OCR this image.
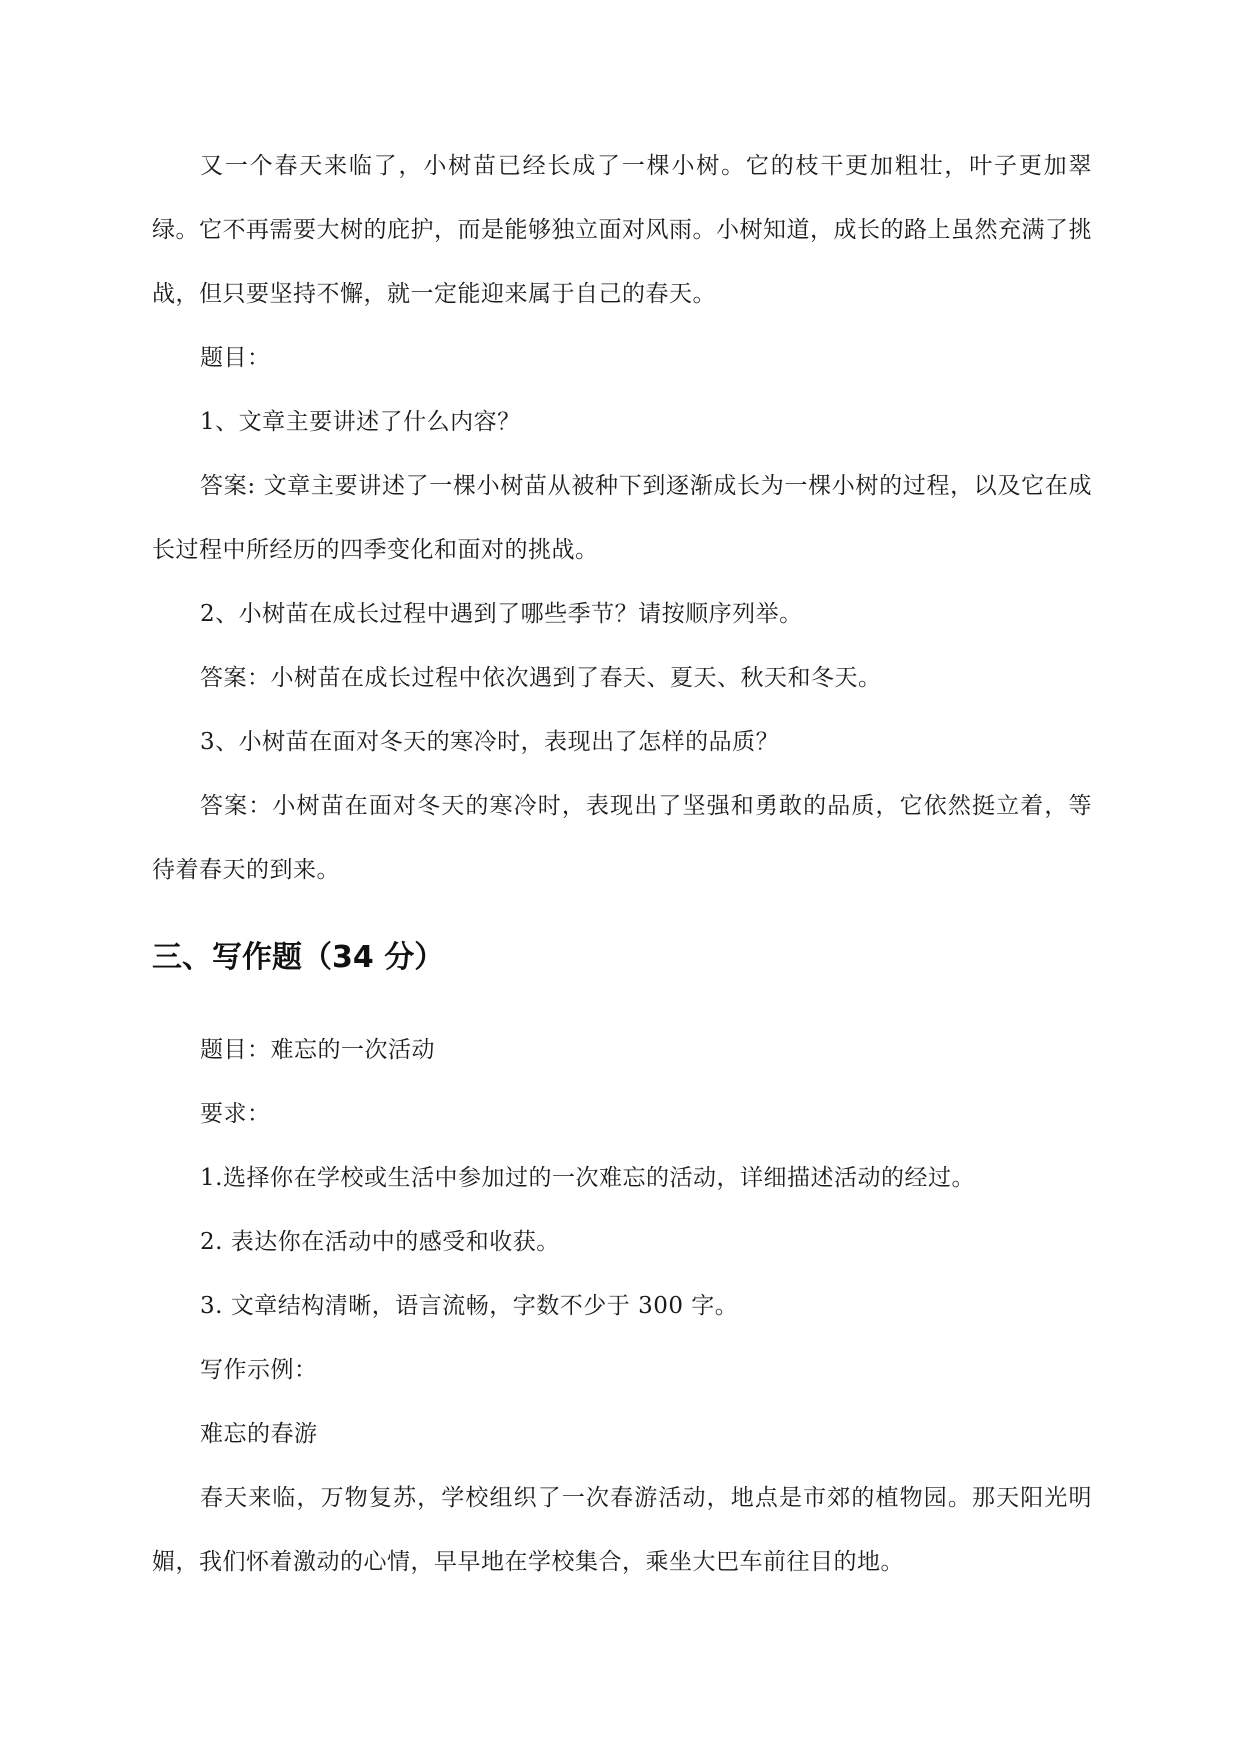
又一个春天来临了，小树苗已经长成了一棵小树。它的枝干更加粗壮，叶子更加翠绿。它不再需要大树的庇护，而是能够独立面对风雨。小树知道，成长的路上虽然充满了挑战，但只要坚持不懈，就一定能迎来属于自己的春天。

题目：

1、文章主要讲述了什么内容？

答案: 文章主要讲述了一棵小树苗从被种下到逐渐成长为一棵小树的过程，以及它在成长过程中所经历的四季变化和面对的挑战。

2、小树苗在成长过程中遇到了哪些季节？请按顺序列举。

答案：小树苗在成长过程中依次遇到了春天、夏天、秋天和冬天。

3、小树苗在面对冬天的寒冷时，表现出了怎样的品质？

答案：小树苗在面对冬天的寒冷时，表现出了坚强和勇敢的品质，它依然挺立着，等待着春天的到来。

三、写作题（34 分）

题目：难忘的一次活动

要求：

1.选择你在学校或生活中参加过的一次难忘的活动，详细描述活动的经过。

2. 表达你在活动中的感受和收获。

3. 文章结构清晰，语言流畅，字数不少于 300 字。

写作示例：

难忘的春游

春天来临，万物复苏，学校组织了一次春游活动，地点是市郊的植物园。那天阳光明媚，我们怀着激动的心情，早早地在学校集合，乘坐大巴车前往目的地。
